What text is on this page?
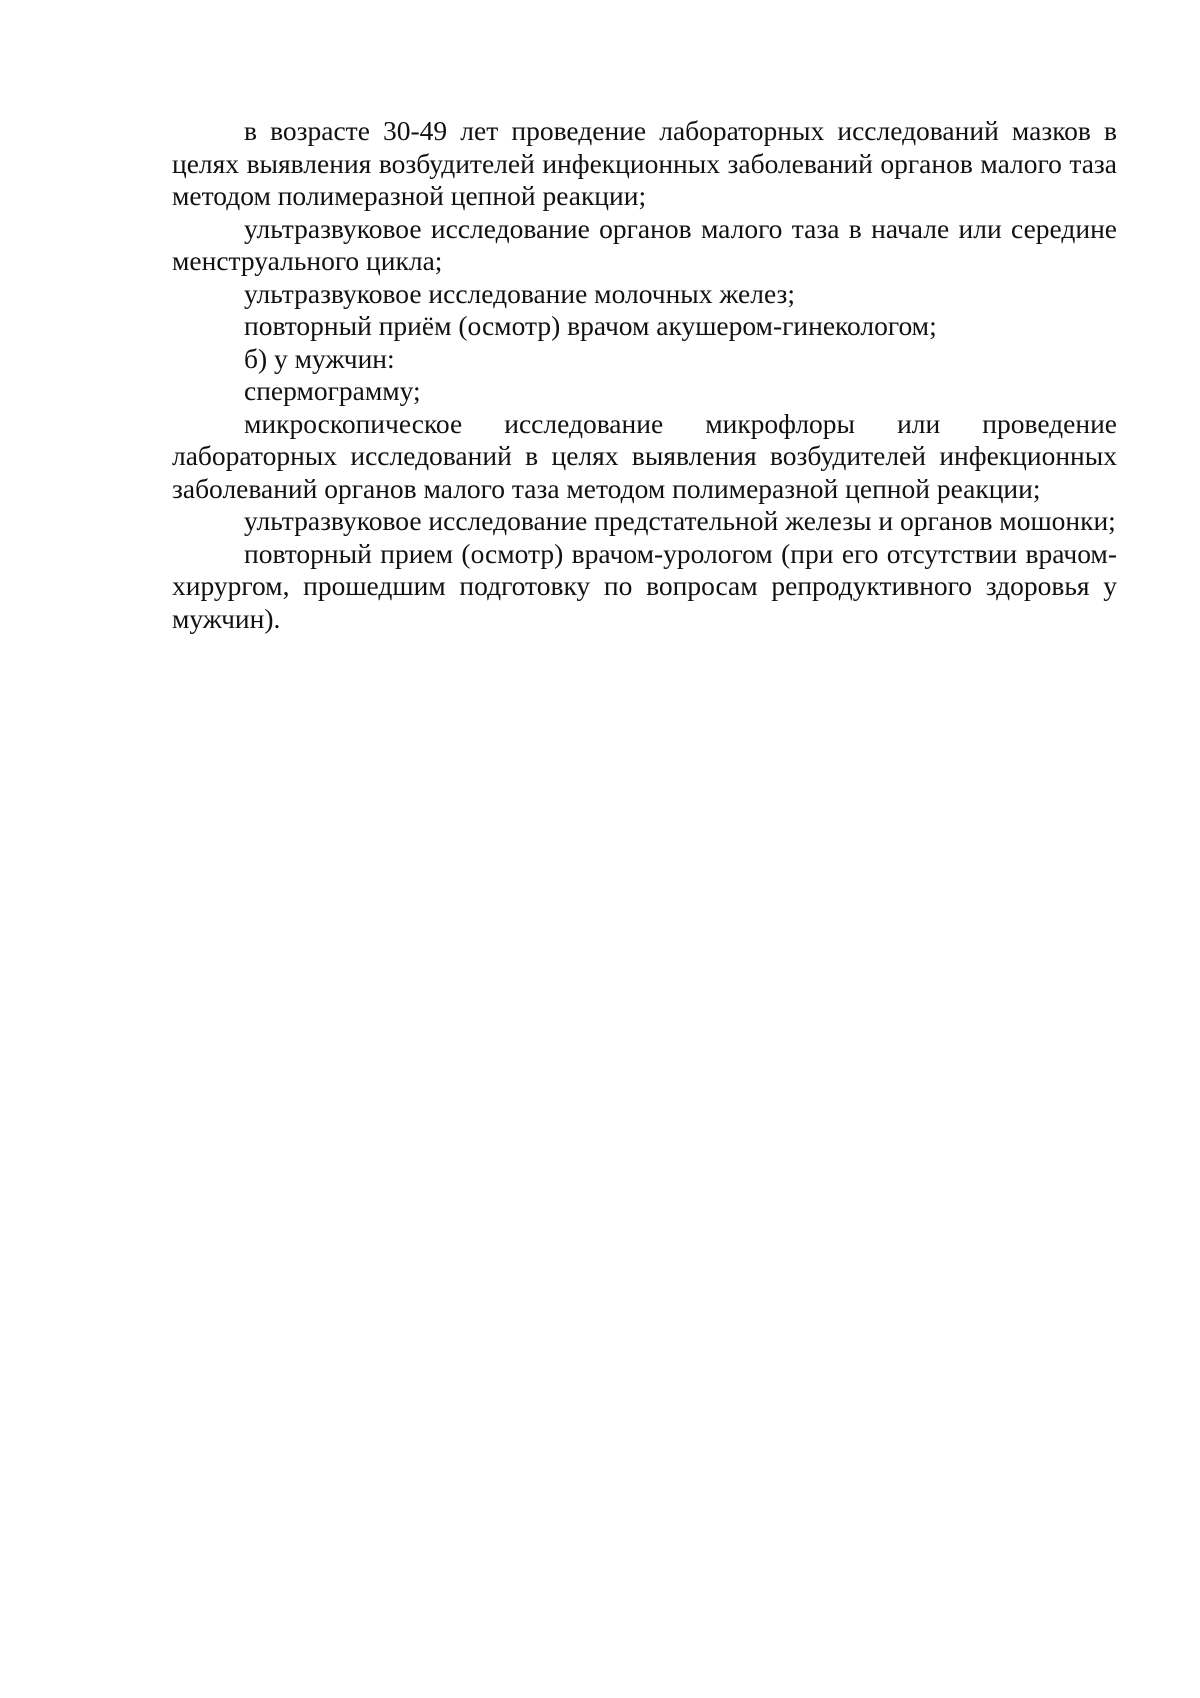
в возрасте 30-49 лет проведение лабораторных исследований мазков в целях выявления возбудителей инфекционных заболеваний органов малого таза методом полимеразной цепной реакции;

ультразвуковое исследование органов малого таза в начале или середине менструального цикла;

ультразвуковое исследование молочных желез;

повторный приём (осмотр) врачом акушером-гинекологом;

б) у мужчин:

спермограмму;

микроскопическое исследование микрофлоры или проведение лабораторных исследований в целях выявления возбудителей инфекционных заболеваний органов малого таза методом полимеразной цепной реакции;

ультразвуковое исследование предстательной железы и органов мошонки;

повторный прием (осмотр) врачом-урологом (при его отсутствии врачом-хирургом, прошедшим подготовку по вопросам репродуктивного здоровья у мужчин).
